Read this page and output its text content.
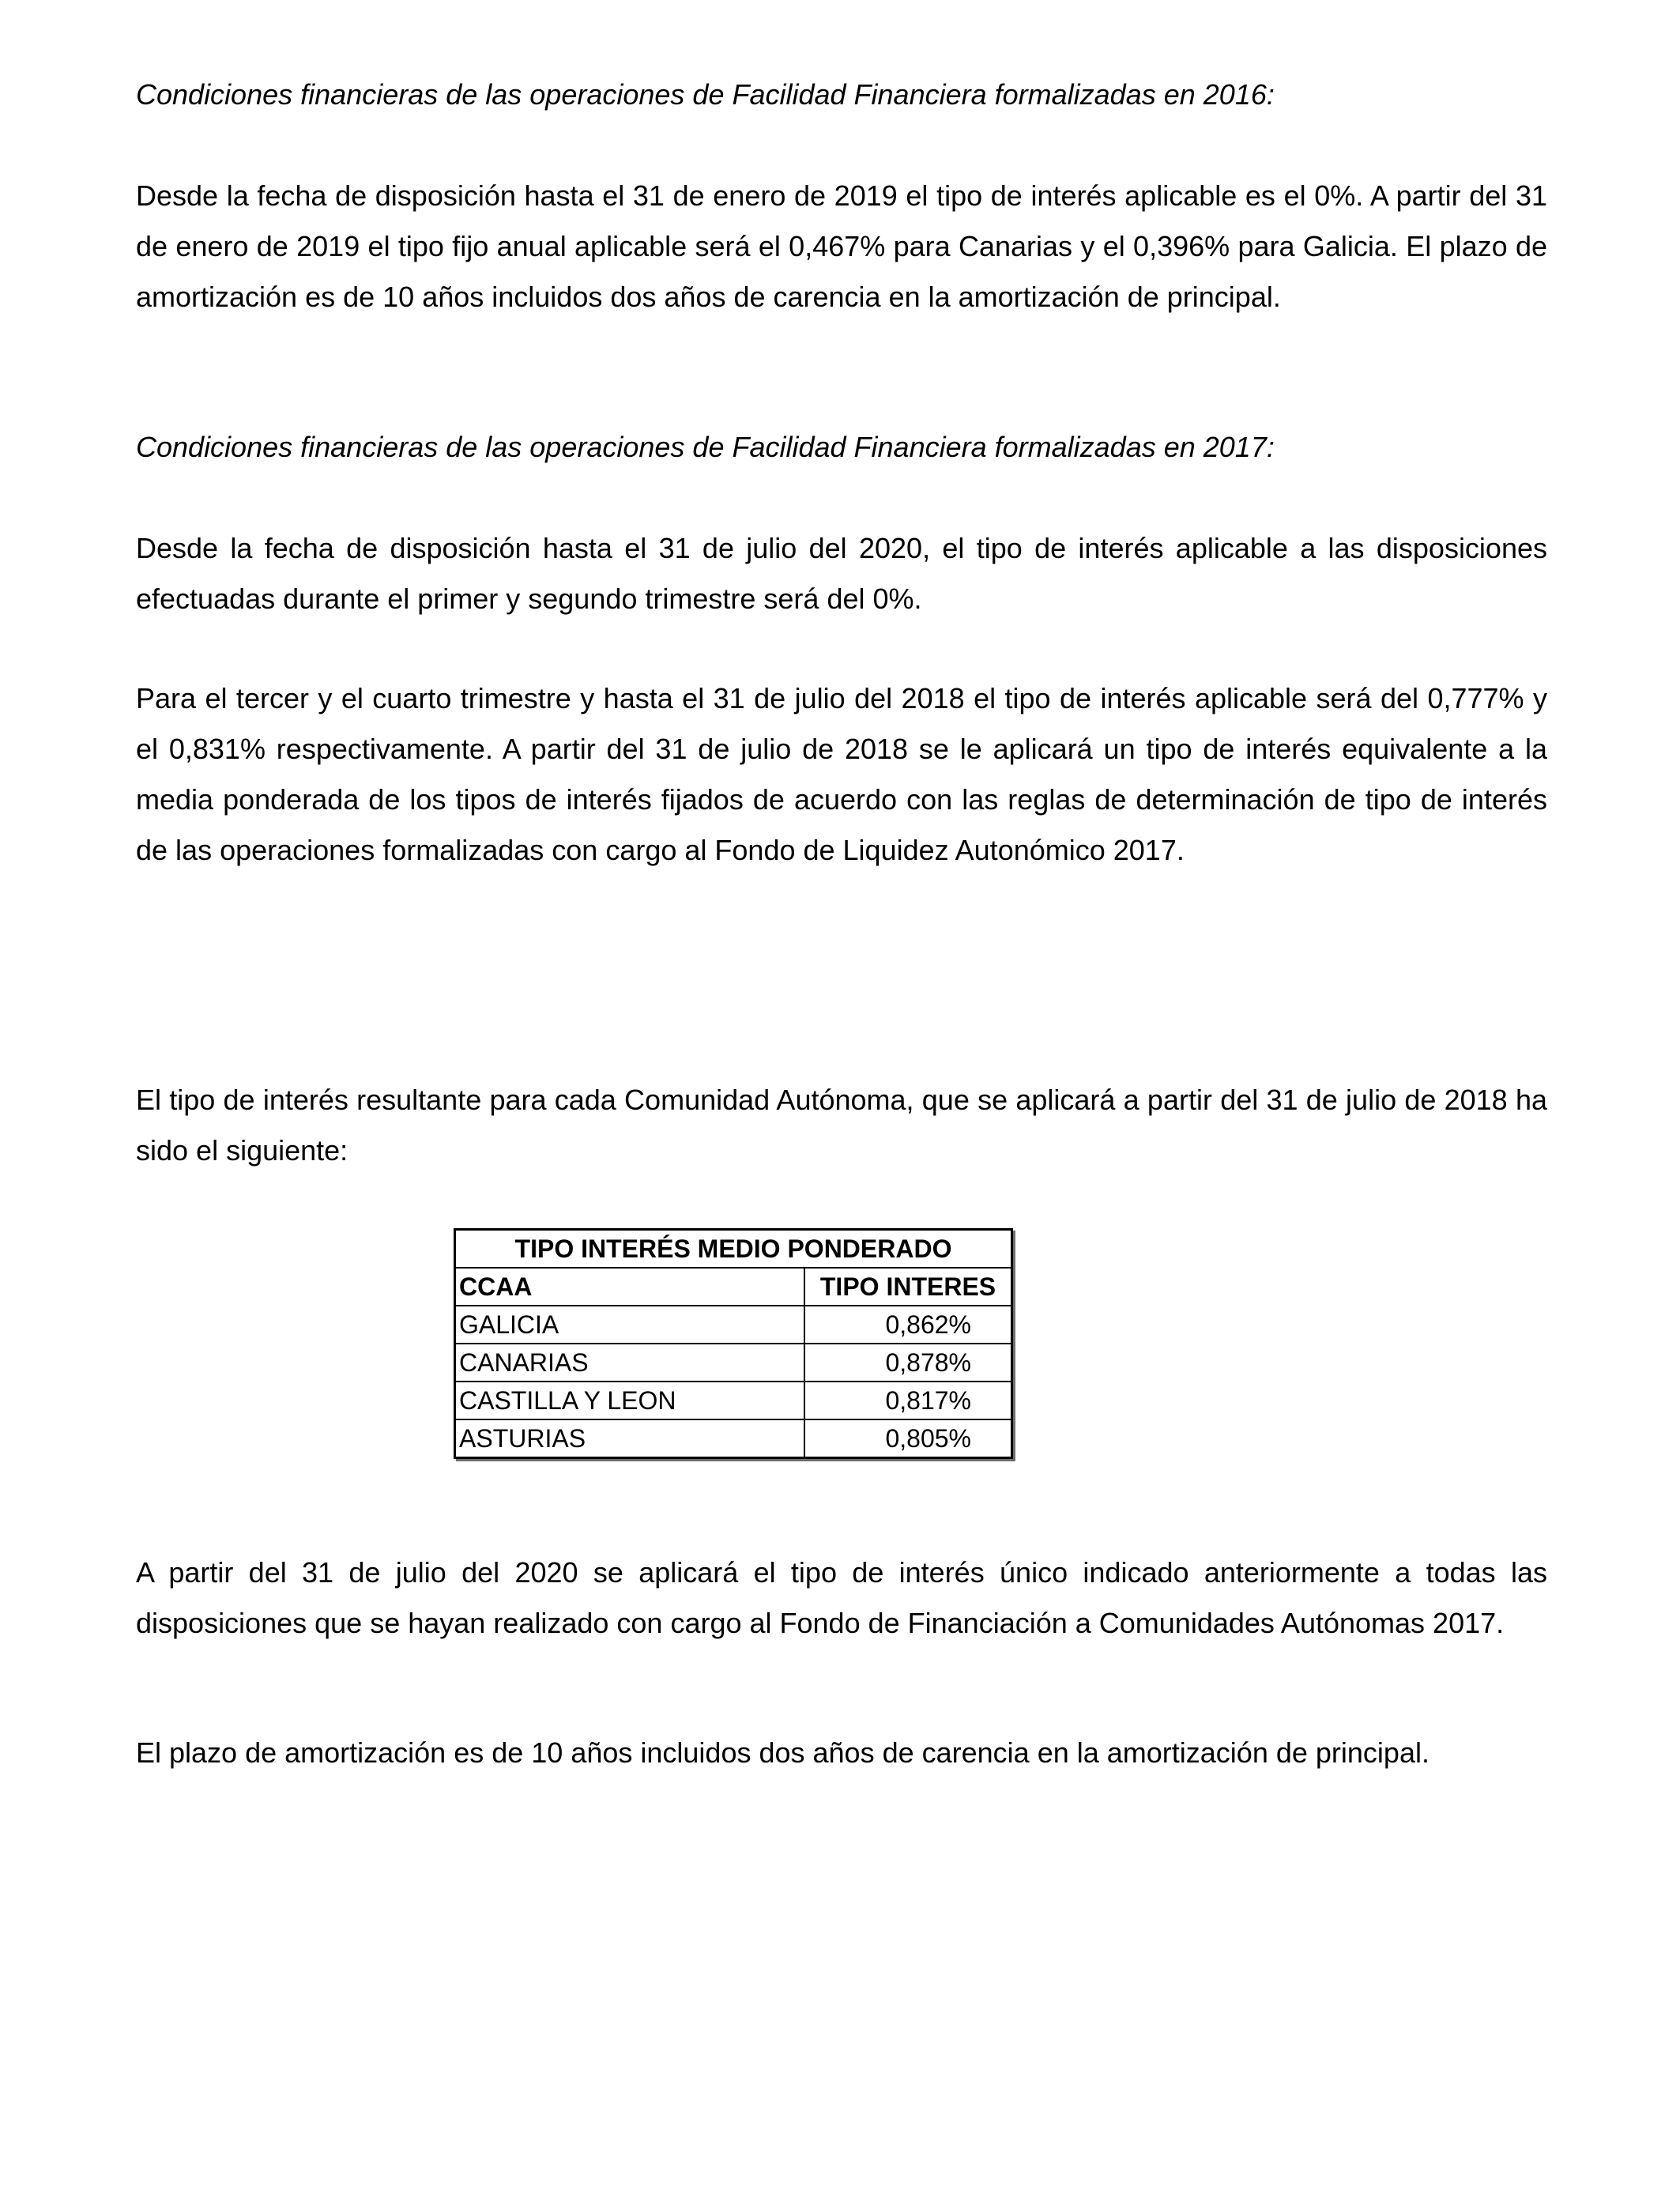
Condiciones financieras de las operaciones de Facilidad Financiera formalizadas en 2016:
Desde la fecha de disposición hasta el 31 de enero de 2019 el tipo de interés aplicable es el 0%. A partir del 31 de enero de 2019 el tipo fijo anual aplicable será el 0,467% para Canarias y el 0,396% para Galicia. El plazo de amortización es de 10 años incluidos dos años de carencia en la amortización de principal.
Condiciones financieras de las operaciones de Facilidad Financiera formalizadas en 2017:
Desde la fecha de disposición hasta el 31 de julio del 2020, el tipo de interés aplicable a las disposiciones efectuadas durante el primer y segundo trimestre será del 0%.
Para el tercer y el cuarto trimestre y hasta el 31 de julio del 2018 el tipo de interés aplicable será del 0,777% y el 0,831% respectivamente. A partir del 31 de julio de 2018 se le aplicará un tipo de interés equivalente a la media ponderada de los tipos de interés fijados de acuerdo con las reglas de determinación de tipo de interés de las operaciones formalizadas con cargo al Fondo de Liquidez Autonómico 2017.
El tipo de interés resultante para cada Comunidad Autónoma, que se aplicará a partir del 31 de julio de 2018 ha sido el siguiente:
TIPO INTERÉS MEDIO PONDERADO	
CCAA	TIPO INTERES
GALICIA	0,862%
CANARIAS	0,878%
CASTILLA Y LEON	0,817%
ASTURIAS	0,805%
A partir del 31 de julio del 2020 se aplicará el tipo de interés único indicado anteriormente a todas las disposiciones que se hayan realizado con cargo al Fondo de Financiación a Comunidades Autónomas 2017.
El plazo de amortización es de 10 años incluidos dos años de carencia en la amortización de principal.
